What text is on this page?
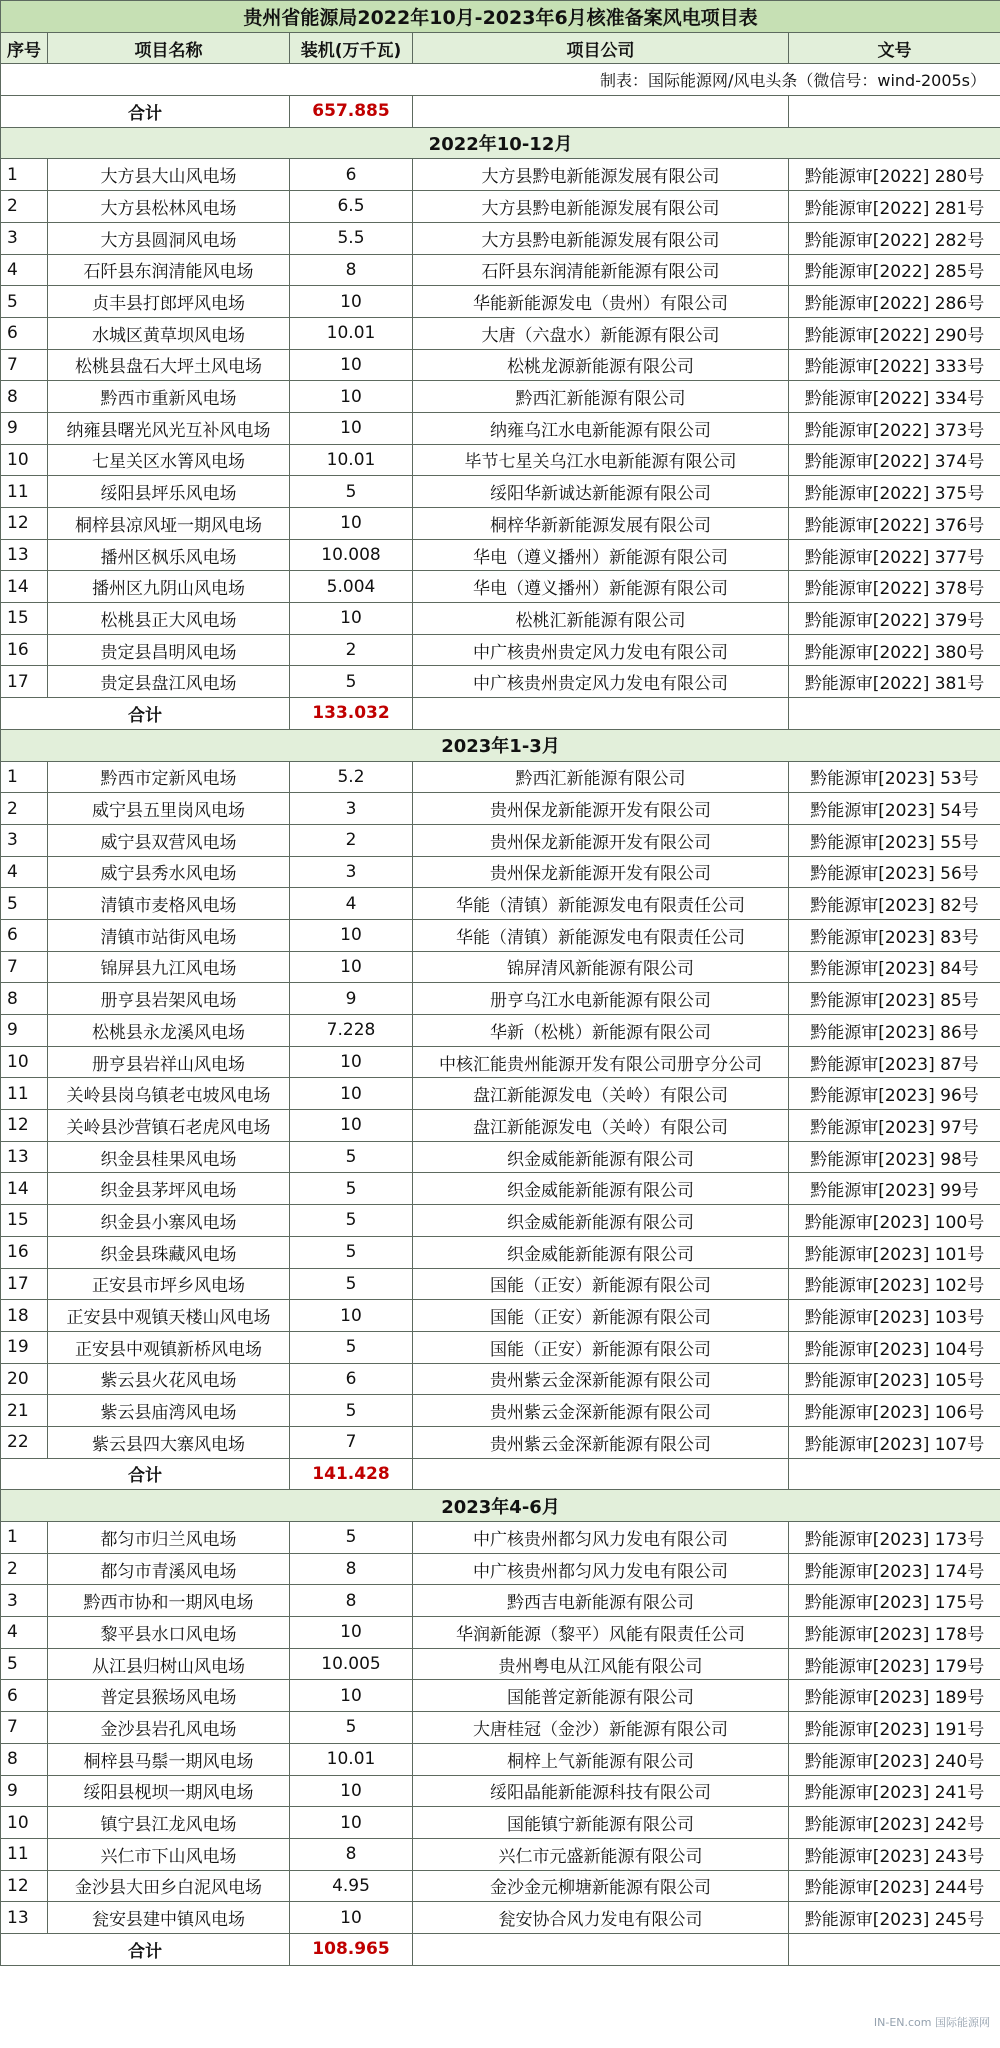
贵州省能源局2022年10月-2023年6月核准备案风电项目表				
序号	项目名称	装机(万千瓦)	项目公司	文号
制表：国际能源网/风电头条（微信号：wind-2005s）				
合计		657.885		
2022年10-12月				
1	大方县大山风电场	6	大方县黔电新能源发展有限公司	黔能源审[2022] 280号
2	大方县松林风电场	6.5	大方县黔电新能源发展有限公司	黔能源审[2022] 281号
3	大方县圆洞风电场	5.5	大方县黔电新能源发展有限公司	黔能源审[2022] 282号
4	石阡县东润清能风电场	8	石阡县东润清能新能源有限公司	黔能源审[2022] 285号
5	贞丰县打郎坪风电场	10	华能新能源发电（贵州）有限公司	黔能源审[2022] 286号
6	水城区黄草坝风电场	10.01	大唐（六盘水）新能源有限公司	黔能源审[2022] 290号
7	松桃县盘石大坪土风电场	10	松桃龙源新能源有限公司	黔能源审[2022] 333号
8	黔西市重新风电场	10	黔西汇新能源有限公司	黔能源审[2022] 334号
9	纳雍县曙光风光互补风电场	10	纳雍乌江水电新能源有限公司	黔能源审[2022] 373号
10	七星关区水箐风电场	10.01	毕节七星关乌江水电新能源有限公司	黔能源审[2022] 374号
11	绥阳县坪乐风电场	5	绥阳华新诚达新能源有限公司	黔能源审[2022] 375号
12	桐梓县凉风垭一期风电场	10	桐梓华新新能源发展有限公司	黔能源审[2022] 376号
13	播州区枫乐风电场	10.008	华电（遵义播州）新能源有限公司	黔能源审[2022] 377号
14	播州区九阴山风电场	5.004	华电（遵义播州）新能源有限公司	黔能源审[2022] 378号
15	松桃县正大风电场	10	松桃汇新能源有限公司	黔能源审[2022] 379号
16	贵定县昌明风电场	2	中广核贵州贵定风力发电有限公司	黔能源审[2022] 380号
17	贵定县盘江风电场	5	中广核贵州贵定风力发电有限公司	黔能源审[2022] 381号
合计		133.032		
2023年1-3月				
1	黔西市定新风电场	5.2	黔西汇新能源有限公司	黔能源审[2023] 53号
2	威宁县五里岗风电场	3	贵州保龙新能源开发有限公司	黔能源审[2023] 54号
3	威宁县双营风电场	2	贵州保龙新能源开发有限公司	黔能源审[2023] 55号
4	威宁县秀水风电场	3	贵州保龙新能源开发有限公司	黔能源审[2023] 56号
5	清镇市麦格风电场	4	华能（清镇）新能源发电有限责任公司	黔能源审[2023] 82号
6	清镇市站街风电场	10	华能（清镇）新能源发电有限责任公司	黔能源审[2023] 83号
7	锦屏县九江风电场	10	锦屏清风新能源有限公司	黔能源审[2023] 84号
8	册亨县岩架风电场	9	册亨乌江水电新能源有限公司	黔能源审[2023] 85号
9	松桃县永龙溪风电场	7.228	华新（松桃）新能源有限公司	黔能源审[2023] 86号
10	册亨县岩祥山风电场	10	中核汇能贵州能源开发有限公司册亨分公司	黔能源审[2023] 87号
11	关岭县岗乌镇老屯坡风电场	10	盘江新能源发电（关岭）有限公司	黔能源审[2023] 96号
12	关岭县沙营镇石老虎风电场	10	盘江新能源发电（关岭）有限公司	黔能源审[2023] 97号
13	织金县桂果风电场	5	织金威能新能源有限公司	黔能源审[2023] 98号
14	织金县茅坪风电场	5	织金威能新能源有限公司	黔能源审[2023] 99号
15	织金县小寨风电场	5	织金威能新能源有限公司	黔能源审[2023] 100号
16	织金县珠藏风电场	5	织金威能新能源有限公司	黔能源审[2023] 101号
17	正安县市坪乡风电场	5	国能（正安）新能源有限公司	黔能源审[2023] 102号
18	正安县中观镇天楼山风电场	10	国能（正安）新能源有限公司	黔能源审[2023] 103号
19	正安县中观镇新桥风电场	5	国能（正安）新能源有限公司	黔能源审[2023] 104号
20	紫云县火花风电场	6	贵州紫云金深新能源有限公司	黔能源审[2023] 105号
21	紫云县庙湾风电场	5	贵州紫云金深新能源有限公司	黔能源审[2023] 106号
22	紫云县四大寨风电场	7	贵州紫云金深新能源有限公司	黔能源审[2023] 107号
合计		141.428		
2023年4-6月				
1	都匀市归兰风电场	5	中广核贵州都匀风力发电有限公司	黔能源审[2023] 173号
2	都匀市青溪风电场	8	中广核贵州都匀风力发电有限公司	黔能源审[2023] 174号
3	黔西市协和一期风电场	8	黔西吉电新能源有限公司	黔能源审[2023] 175号
4	黎平县水口风电场	10	华润新能源（黎平）风能有限责任公司	黔能源审[2023] 178号
5	从江县归树山风电场	10.005	贵州粤电从江风能有限公司	黔能源审[2023] 179号
6	普定县猴场风电场	10	国能普定新能源有限公司	黔能源审[2023] 189号
7	金沙县岩孔风电场	5	大唐桂冠（金沙）新能源有限公司	黔能源审[2023] 191号
8	桐梓县马鬃一期风电场	10.01	桐梓上气新能源有限公司	黔能源审[2023] 240号
9	绥阳县枧坝一期风电场	10	绥阳晶能新能源科技有限公司	黔能源审[2023] 241号
10	镇宁县江龙风电场	10	国能镇宁新能源有限公司	黔能源审[2023] 242号
11	兴仁市下山风电场	8	兴仁市元盛新能源有限公司	黔能源审[2023] 243号
12	金沙县大田乡白泥风电场	4.95	金沙金元柳塘新能源有限公司	黔能源审[2023] 244号
13	瓮安县建中镇风电场	10	瓮安协合风力发电有限公司	黔能源审[2023] 245号
合计		108.965		
IN-EN.com 国际能源网
